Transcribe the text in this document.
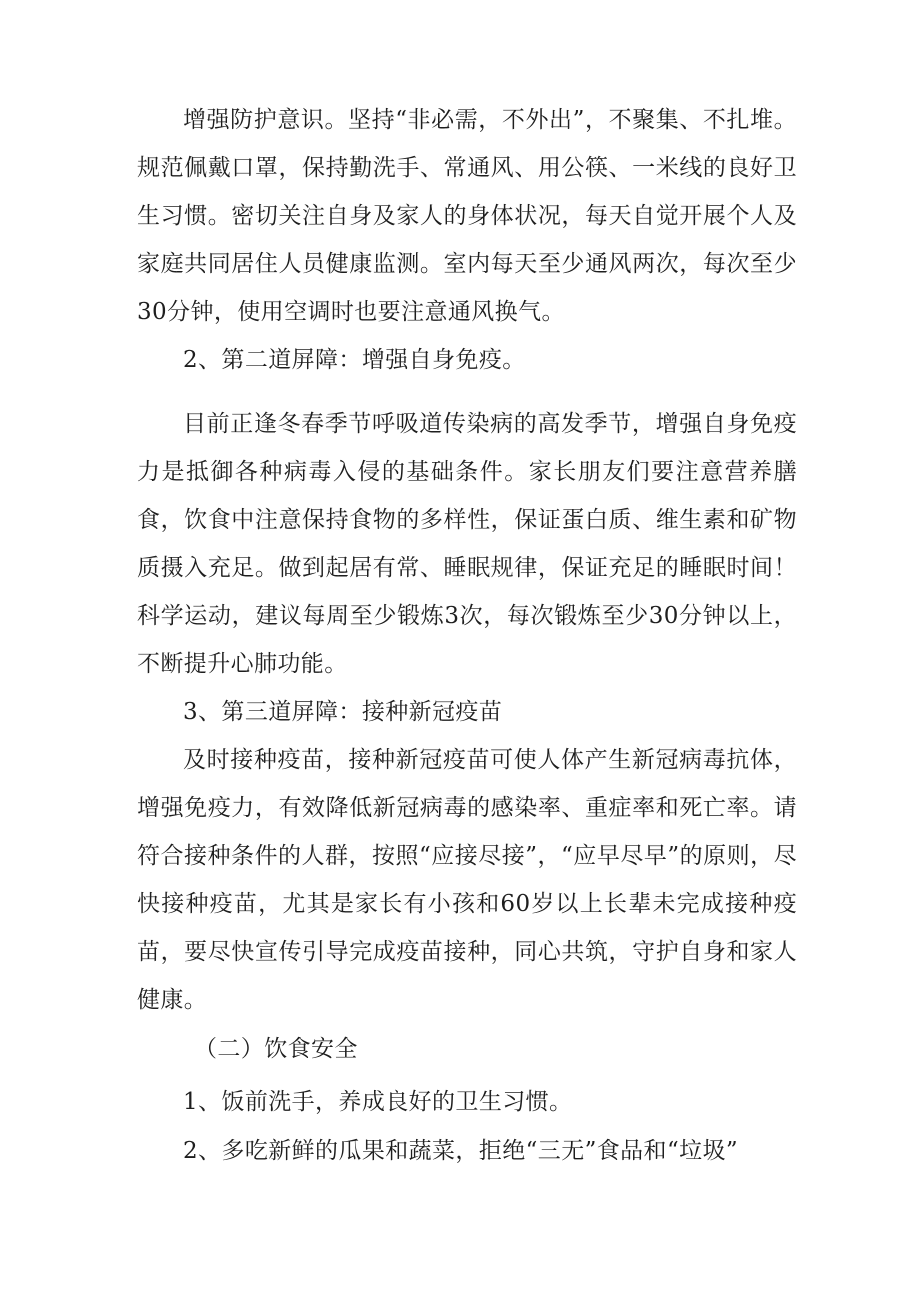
增强防护意识。坚持“非必需，不外出”，不聚集、不扎堆。规范佩戴口罩，保持勤洗手、常通风、用公筷、一米线的良好卫生习惯。密切关注自身及家人的身体状况，每天自觉开展个人及家庭共同居住人员健康监测。室内每天至少通风两次，每次至少30分钟，使用空调时也要注意通风换气。

2、第二道屏障：增强自身免疫。

目前正逢冬春季节呼吸道传染病的高发季节，增强自身免疫力是抵御各种病毒入侵的基础条件。家长朋友们要注意营养膳食，饮食中注意保持食物的多样性，保证蛋白质、维生素和矿物质摄入充足。做到起居有常、睡眠规律，保证充足的睡眠时间！科学运动，建议每周至少锻炼3次，每次锻炼至少30分钟以上，不断提升心肺功能。

3、第三道屏障：接种新冠疫苗

及时接种疫苗，接种新冠疫苗可使人体产生新冠病毒抗体，增强免疫力，有效降低新冠病毒的感染率、重症率和死亡率。请符合接种条件的人群，按照“应接尽接”，“应早尽早”的原则，尽快接种疫苗，尤其是家长有小孩和60岁以上长辈未完成接种疫苗，要尽快宣传引导完成疫苗接种，同心共筑，守护自身和家人健康。

（二）饮食安全

1、饭前洗手，养成良好的卫生习惯。

2、多吃新鲜的瓜果和蔬菜，拒绝“三无”食品和“垃圾”
